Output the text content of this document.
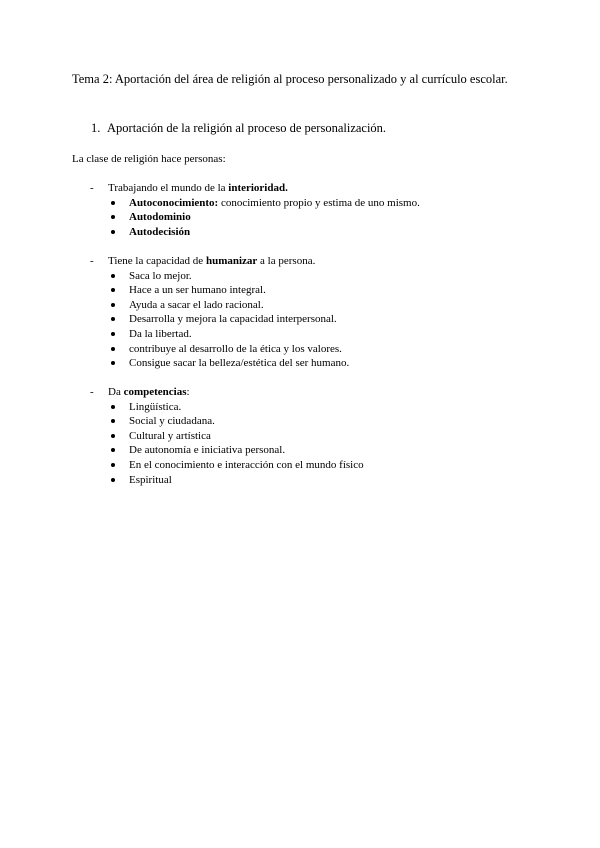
Tema 2: Aportación del área de religión al proceso personalizado y al currículo escolar.
1. Aportación de la religión al proceso de personalización.
La clase de religión hace personas:
- Trabajando el mundo de la interioridad.
Autoconocimiento: conocimiento propio y estima de uno mismo.
Autodominio
Autodecisión
- Tiene la capacidad de humanizar a la persona.
Saca lo mejor.
Hace a un ser humano integral.
Ayuda a sacar el lado racional.
Desarrolla y mejora la capacidad interpersonal.
Da la libertad.
contribuye al desarrollo de la ética y los valores.
Consigue sacar la belleza/estética del ser humano.
- Da competencias:
Lingüística.
Social y ciudadana.
Cultural y artística
De autonomía e iniciativa personal.
En el conocimiento e interacción con el mundo físico
Espiritual
